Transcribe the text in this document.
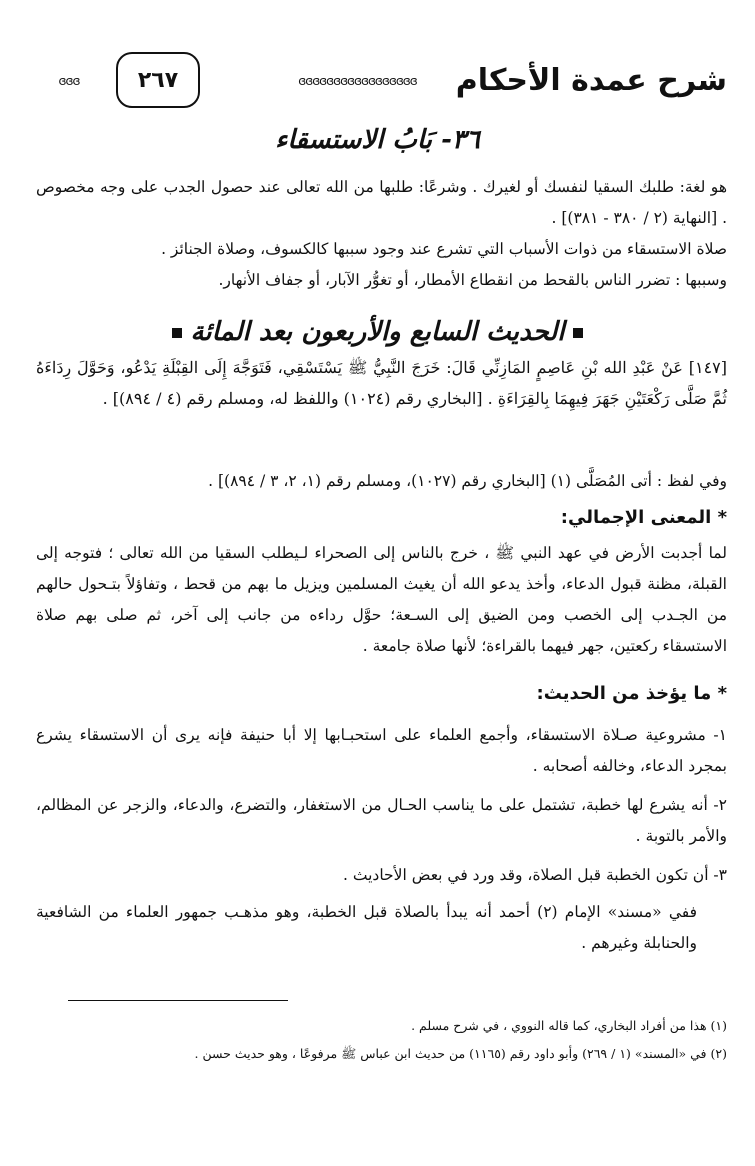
شرح عمدة الأحكام
ɞɞɞɞɞɞɞɞɞɞɞɞɞɞɞɞɞ
٢٦٧
ɞɞɞ
٣٦- بَابُ الاستسقاء

هو لغة: طلبك السقيا لنفسك أو لغيرك . وشرعًا: طلبها من الله تعالى عند حصول الجدب على وجه مخصوص . [النهاية (٢ / ٣٨٠ - ٣٨١)] .

صلاة الاستسقاء من ذوات الأسباب التي تشرع عند وجود سببها كالكسوف، وصلاة الجنائز .

وسببها : تضرر الناس بالقحط من انقطاع الأمطار، أو تغوُّر الآبار، أو جفاف الأنهار.

الحديث السابع والأربعون بعد المائة

[١٤٧] عَنْ عَبْدِ الله بْنِ عَاصِمٍ المَازِنِّي قَالَ: خَرَجَ النَّبِيُّ ﷺ يَسْتَسْقِي، فَتَوَجَّهَ إِلَى القِبْلَةِ يَدْعُو، وَحَوَّلَ رِدَاءَهُ ثُمَّ صَلَّى رَكْعَتَيْنِ جَهَرَ فِيهِمَا بِالقِرَاءَةِ . [البخاري رقم (١٠٢٤) واللفظ له، ومسلم رقم (٤ / ٨٩٤)] .

وفي لفظ : أتى المُصَلَّى (١) [البخاري رقم (١٠٢٧)، ومسلم رقم (١، ٢، ٣ / ٨٩٤)] .

* المعنى الإجمالي:

لما أجدبت الأرض في عهد النبي ﷺ ، خرج بالناس إلى الصحراء لـيطلب السقيا من الله تعالى ؛ فتوجه إلى القبلة، مظنة قبول الدعاء، وأخذ يدعو الله أن يغيث المسلمين ويزيل ما بهم من قحط ، وتفاؤلاً بتـحول حالهم من الجـدب إلى الخصب ومن الضيق إلى السـعة؛ حوَّل رداءه من جانب إلى آخر، ثم صلى بهم صلاة الاستسقاء ركعتين، جهر فيهما بالقراءة؛ لأنها صلاة جامعة .

* ما يؤخذ من الحديث:

١- مشروعية صـلاة الاستسقاء، وأجمع العلماء على استحبـابها إلا أبا حنيفة فإنه يرى أن الاستسقاء يشرع بمجرد الدعاء، وخالفه أصحابه .

٢- أنه يشرع لها خطبة، تشتمل على ما يناسب الحـال من الاستغفار، والتضرع، والدعاء، والزجر عن المظالم، والأمر بالتوبة .

٣- أن تكون الخطبة قبل الصلاة، وقد ورد في بعض الأحاديث .

ففي «مسند» الإمام (٢) أحمد أنه يبدأ بالصلاة قبل الخطبة، وهو مذهـب جمهور العلماء من الشافعية والحنابلة وغيرهم .

(١) هذا من أفراد البخاري، كما قاله النووي ، في شرح مسلم .

(٢) في «المسند» (١ / ٢٦٩) وأبو داود رقم (١١٦٥) من حديث ابن عباس ﷺ مرفوعًا ، وهو حديث حسن .
